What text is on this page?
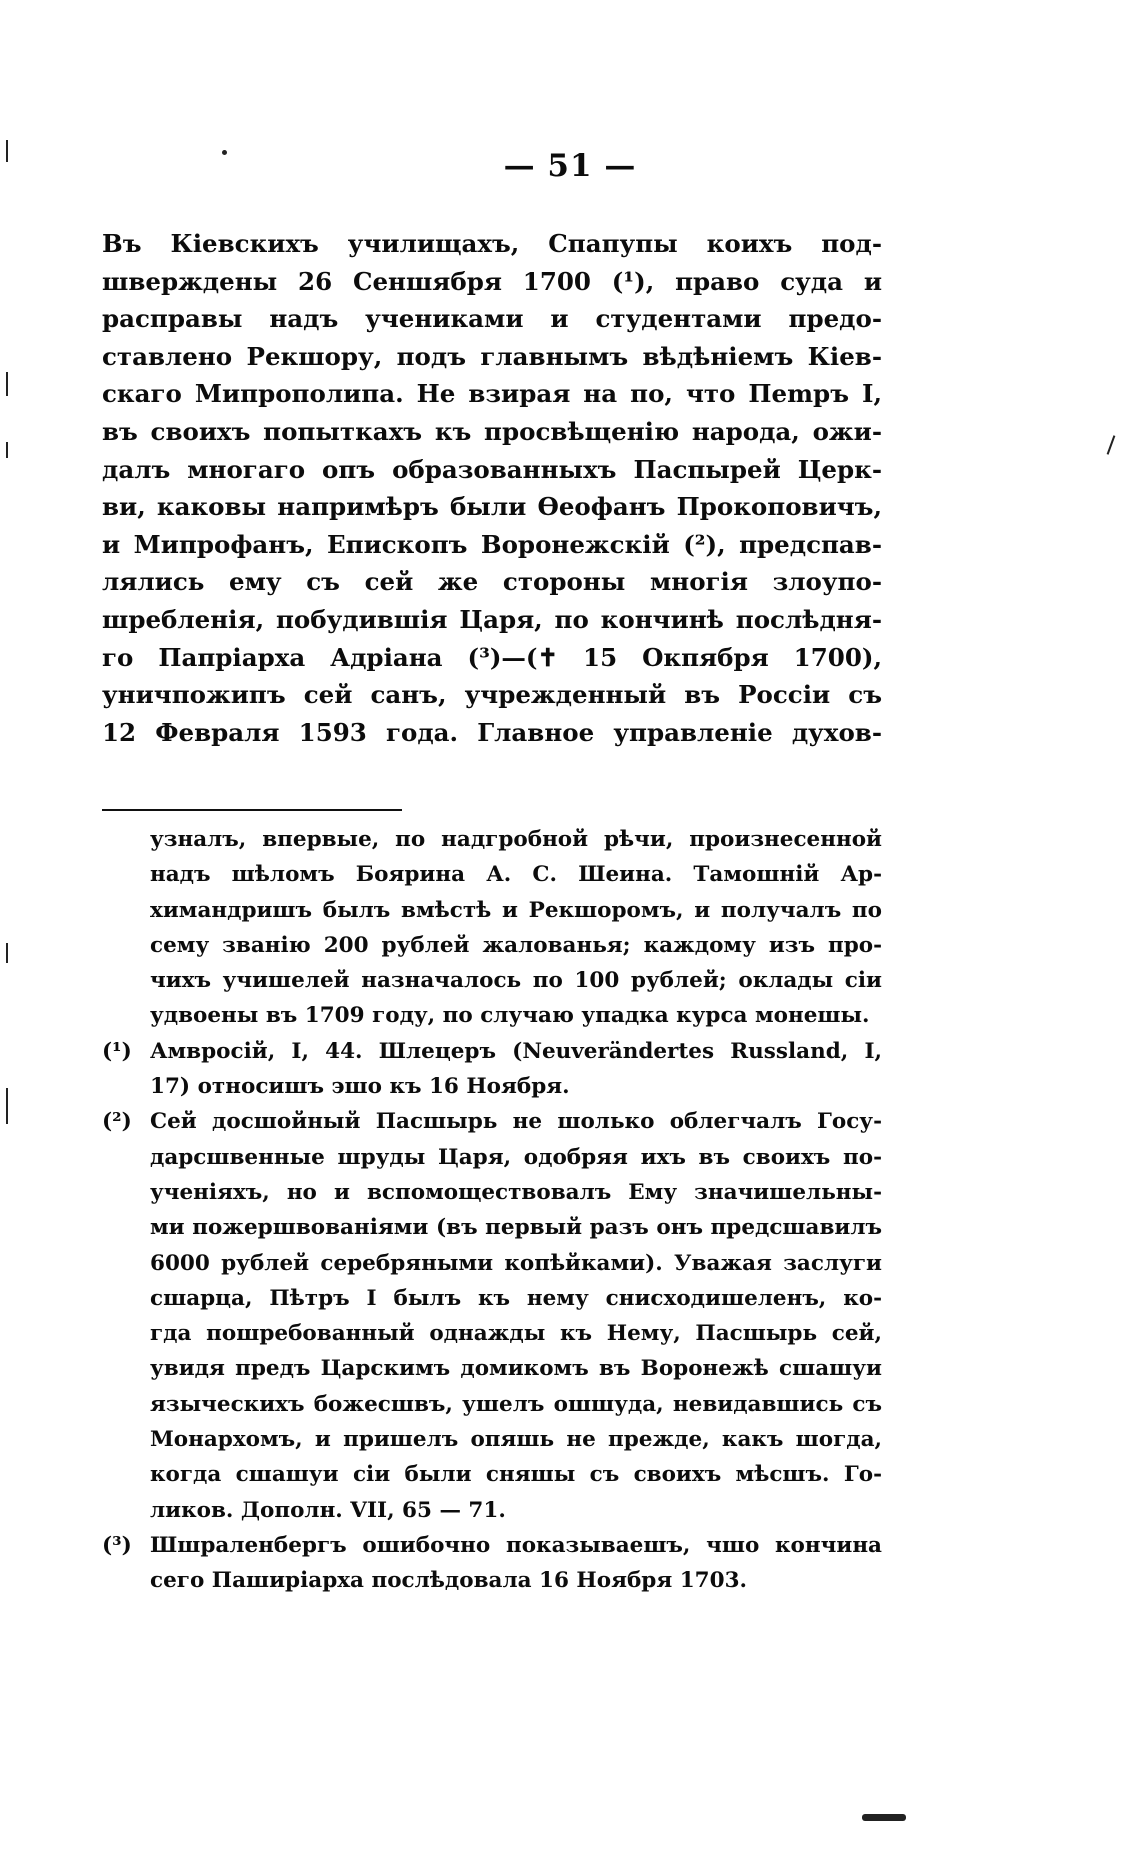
— 51 —
Въ Кіевскихъ училищахъ, Спапупы коихъ под-
шверждены 26 Сеншября 1700 (¹), право суда и
расправы надъ учениками и студентами предо-
ставлено Рекшору, подъ главнымъ вѣдѣніемъ Кіев-
скаго Мипрополипа. Не взирая на по, что Пеmръ I,
въ своихъ попыткахъ къ просвѣщенію народа, ожи-
далъ многаго опъ образованныхъ Паспырей Церк-
ви, каковы напримѣръ были Ѳеофанъ Прокоповичъ,
и Мипрофанъ, Епископъ Воронежскій (²), предспав-
лялись ему съ сей же стороны многія злоупо-
шребленія, побудившія Царя, по кончинѣ послѣдня-
го Папріарха Адріана (³)—(✝ 15 Окпября 1700),
уничпожипъ сей санъ, учрежденный въ Россіи съ
12 Февраля 1593 года. Главное управленіе духов-
узналъ, впервые, по надгробной рѣчи, произнесенной
надъ шѣломъ Боярина А. С. Шеина. Тамошній Ар-
химандришъ былъ вмѣстѣ и Рекшоромъ, и получалъ по
сему званію 200 рублей жалованья; каждому изъ про-
чихъ учишелей назначалось по 100 рублей; оклады сіи
удвоены въ 1709 году, по случаю упадка курса монешы.
(¹) Амвросій, I, 44. Шлецеръ (Neuverändertes Russland, I,
17) относишъ эшо къ 16 Ноября.
(²) Сей досшойный Пасшырь не шолько облегчалъ Госу-
дарсшвенные шруды Царя, одобряя ихъ въ своихъ по-
ученіяхъ, но и вспомоществовалъ Ему значишельны-
ми пожершвованіями (въ первый разъ онъ предсшавилъ
6000 рублей серебряными копѣйками). Уважая заслуги
сшарца, Пѣтръ I былъ къ нему снисходишеленъ, ко-
гда пошребованный однажды къ Нему, Пасшырь сей,
увидя предъ Царскимъ домикомъ въ Воронежѣ сшашуи
языческихъ божесшвъ, ушелъ ошшуда, невидавшись съ
Монархомъ, и пришелъ опяшь не прежде, какъ шогда,
когда сшашуи сіи были сняшы съ своихъ мѣсшъ. Го-
ликов. Дополн. VII, 65 — 71.
(³) Шшраленбергъ ошибочно показываешъ, чшо кончина
сего Паширіарха послѣдовала 16 Ноября 1703.
